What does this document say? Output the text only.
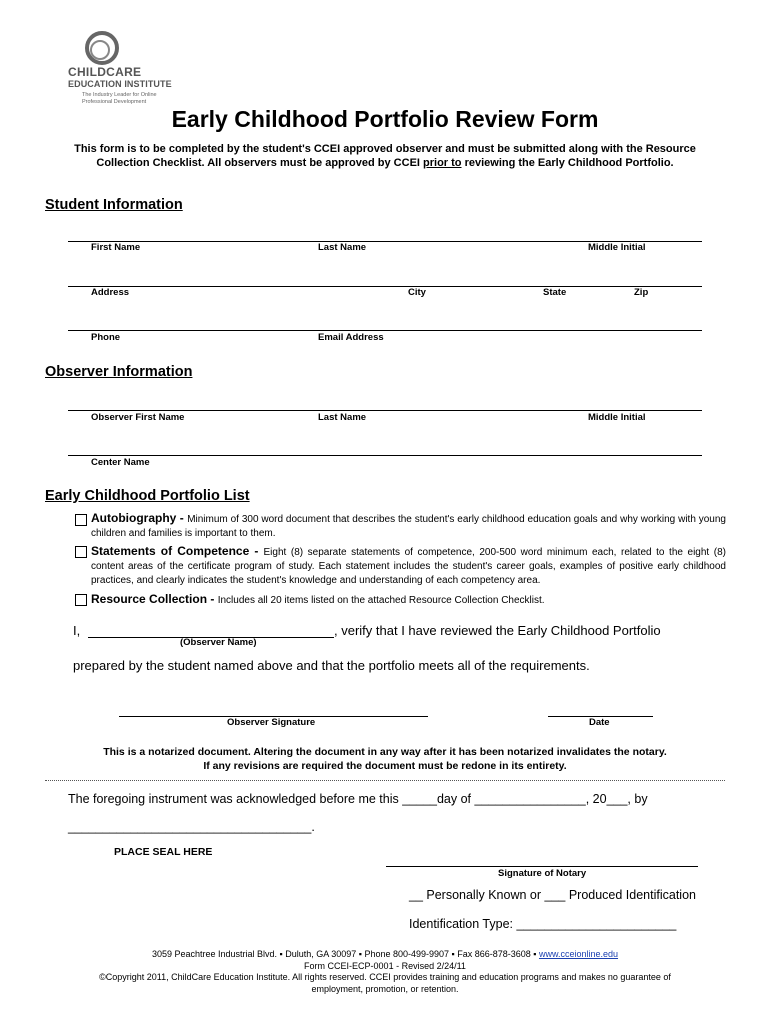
CHILDCARE
EDUCATION INSTITUTE
The Industry Leader for Online
Professional Development
Early Childhood Portfolio Review Form
This form is to be completed by the student's CCEI approved observer and must be submitted along with the Resource
Collection Checklist. All observers must be approved by CCEI prior to reviewing the Early Childhood Portfolio.
Student Information
First Name	Last Name	Middle Initial
Address	City	State	Zip
Phone	Email Address
Observer Information
Observer First Name	Last Name	Middle Initial
Center Name
Early Childhood Portfolio List
Autobiography - Minimum of 300 word document that describes the student's early childhood education goals and why working with young children and families is important to them.
Statements of Competence - Eight (8) separate statements of competence, 200-500 word minimum each, related to the eight (8) content areas of the certificate program of study. Each statement includes the student's career goals, examples of positive early childhood practices, and clearly indicates the student's knowledge and understanding of each competency area.
Resource Collection - Includes all 20 items listed on the attached Resource Collection Checklist.
I,
(Observer Name)
, verify that I have reviewed the Early Childhood Portfolio
prepared by the student named above and that the portfolio meets all of the requirements.
Observer Signature	Date
This is a notarized document. Altering the document in any way after it has been notarized invalidates the notary.
If any revisions are required the document must be redone in its entirety.
The foregoing instrument was acknowledged before me this _____day of ________________, 20___, by
___________________________________.
PLACE SEAL HERE
Signature of Notary
__ Personally Known or ___ Produced Identification
Identification Type: _______________________
3059 Peachtree Industrial Blvd. ▪ Duluth, GA 30097 ▪ Phone 800-499-9907 ▪ Fax 866-878-3608 ▪ www.cceionline.edu
Form CCEI-ECP-0001 - Revised 2/24/11
©Copyright 2011, ChildCare Education Institute. All rights reserved. CCEI provides training and education programs and makes no guarantee of
employment, promotion, or retention.
